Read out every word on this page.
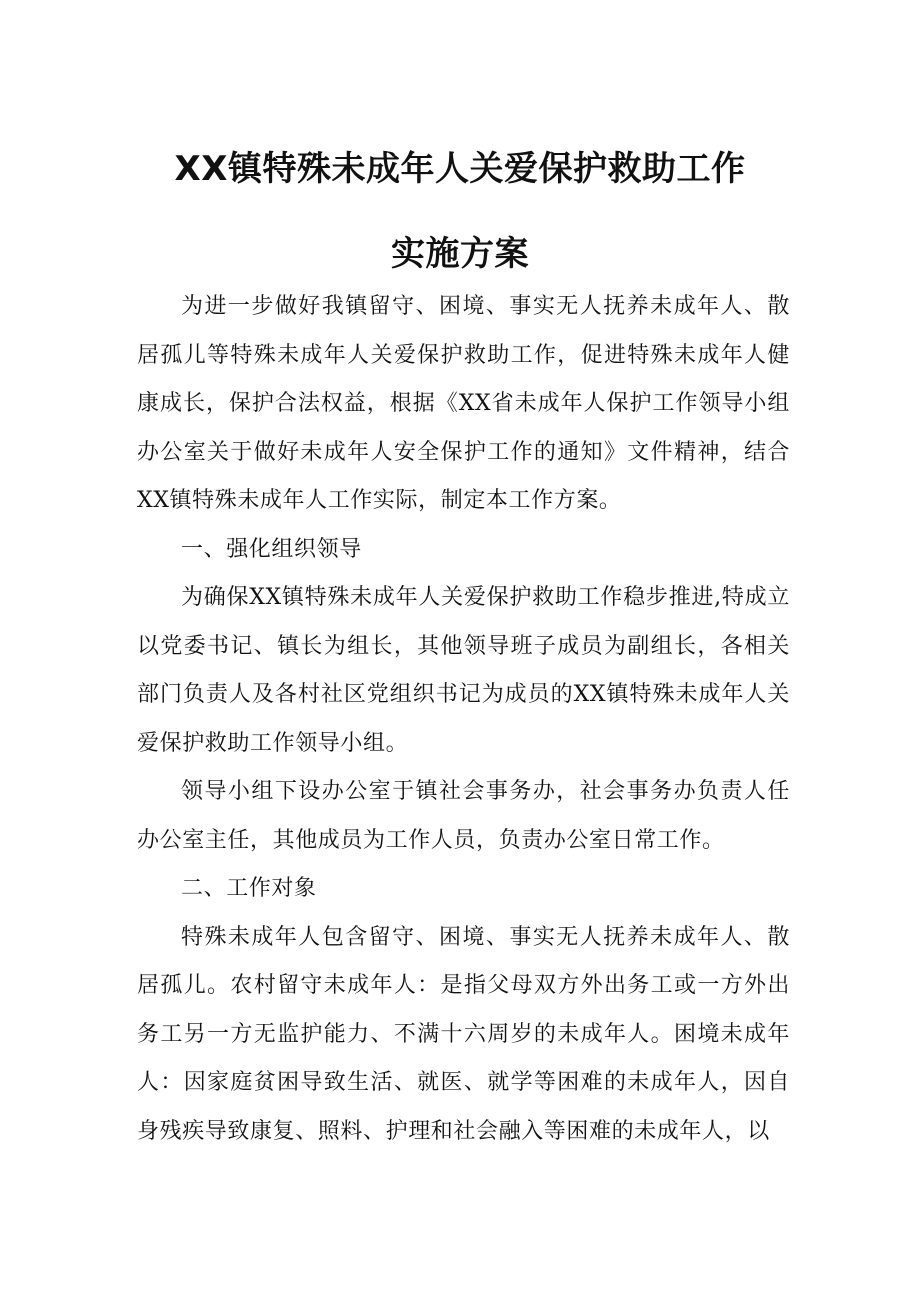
XX镇特殊未成年人关爱保护救助工作
实施方案

为进一步做好我镇留守、困境、事实无人抚养未成年人、散居孤儿等特殊未成年人关爱保护救助工作，促进特殊未成年人健康成长，保护合法权益，根据《XX省未成年人保护工作领导小组办公室关于做好未成年人安全保护工作的通知》文件精神，结合XX镇特殊未成年人工作实际，制定本工作方案。

一、强化组织领导

为确保XX镇特殊未成年人关爱保护救助工作稳步推进,特成立以党委书记、镇长为组长，其他领导班子成员为副组长，各相关部门负责人及各村社区党组织书记为成员的XX镇特殊未成年人关爱保护救助工作领导小组。

领导小组下设办公室于镇社会事务办，社会事务办负责人任办公室主任，其他成员为工作人员，负责办公室日常工作。

二、工作对象

特殊未成年人包含留守、困境、事实无人抚养未成年人、散居孤儿。农村留守未成年人：是指父母双方外出务工或一方外出务工另一方无监护能力、不满十六周岁的未成年人。困境未成年人：因家庭贫困导致生活、就医、就学等困难的未成年人，因自身残疾导致康复、照料、护理和社会融入等困难的未成年人，以
